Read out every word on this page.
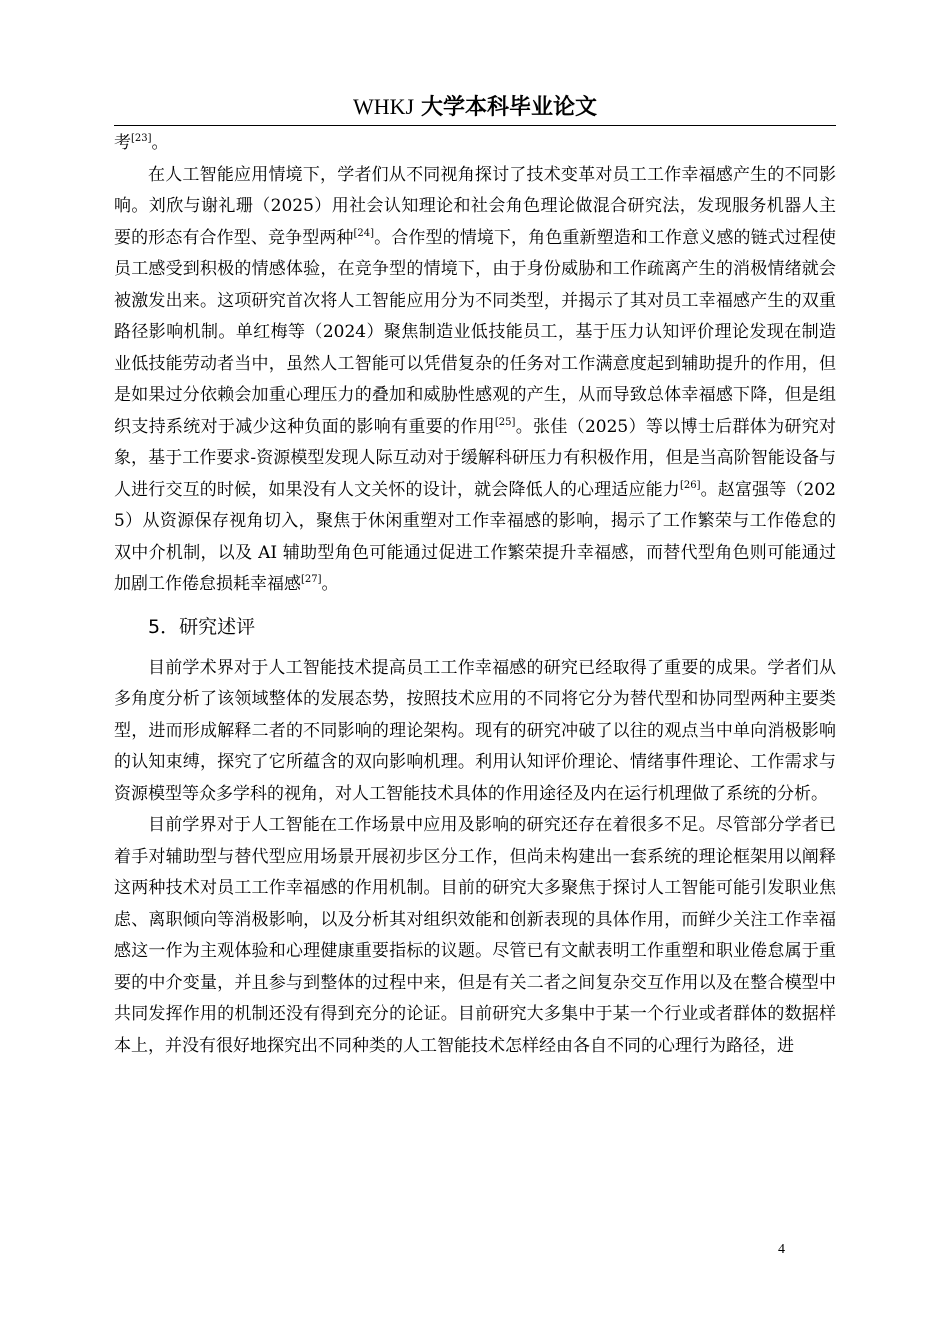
WHKJ 大学本科毕业论文

考[23]。

在人工智能应用情境下，学者们从不同视角探讨了技术变革对员工工作幸福感产生的不同影响。刘欣与谢礼珊（2025）用社会认知理论和社会角色理论做混合研究法，发现服务机器人主要的形态有合作型、竞争型两种[24]。合作型的情境下，角色重新塑造和工作意义感的链式过程使员工感受到积极的情感体验，在竞争型的情境下，由于身份威胁和工作疏离产生的消极情绪就会被激发出来。这项研究首次将人工智能应用分为不同类型，并揭示了其对员工幸福感产生的双重路径影响机制。单红梅等（2024）聚焦制造业低技能员工，基于压力认知评价理论发现在制造业低技能劳动者当中，虽然人工智能可以凭借复杂的任务对工作满意度起到辅助提升的作用，但是如果过分依赖会加重心理压力的叠加和威胁性感观的产生，从而导致总体幸福感下降，但是组织支持系统对于减少这种负面的影响有重要的作用[25]。张佳（2025）等以博士后群体为研究对象，基于工作要求-资源模型发现人际互动对于缓解科研压力有积极作用，但是当高阶智能设备与人进行交互的时候，如果没有人文关怀的设计，就会降低人的心理适应能力[26]。赵富强等（2025）从资源保存视角切入，聚焦于休闲重塑对工作幸福感的影响，揭示了工作繁荣与工作倦怠的双中介机制，以及 AI 辅助型角色可能通过促进工作繁荣提升幸福感，而替代型角色则可能通过加剧工作倦怠损耗幸福感[27]。

5．研究述评

目前学术界对于人工智能技术提高员工工作幸福感的研究已经取得了重要的成果。学者们从多角度分析了该领域整体的发展态势，按照技术应用的不同将它分为替代型和协同型两种主要类型，进而形成解释二者的不同影响的理论架构。现有的研究冲破了以往的观点当中单向消极影响的认知束缚，探究了它所蕴含的双向影响机理。利用认知评价理论、情绪事件理论、工作需求与资源模型等众多学科的视角，对人工智能技术具体的作用途径及内在运行机理做了系统的分析。

目前学界对于人工智能在工作场景中应用及影响的研究还存在着很多不足。尽管部分学者已着手对辅助型与替代型应用场景开展初步区分工作，但尚未构建出一套系统的理论框架用以阐释这两种技术对员工工作幸福感的作用机制。目前的研究大多聚焦于探讨人工智能可能引发职业焦虑、离职倾向等消极影响，以及分析其对组织效能和创新表现的具体作用，而鲜少关注工作幸福感这一作为主观体验和心理健康重要指标的议题。尽管已有文献表明工作重塑和职业倦怠属于重要的中介变量，并且参与到整体的过程中来，但是有关二者之间复杂交互作用以及在整合模型中共同发挥作用的机制还没有得到充分的论证。目前研究大多集中于某一个行业或者群体的数据样本上，并没有很好地探究出不同种类的人工智能技术怎样经由各自不同的心理行为路径，进

4
